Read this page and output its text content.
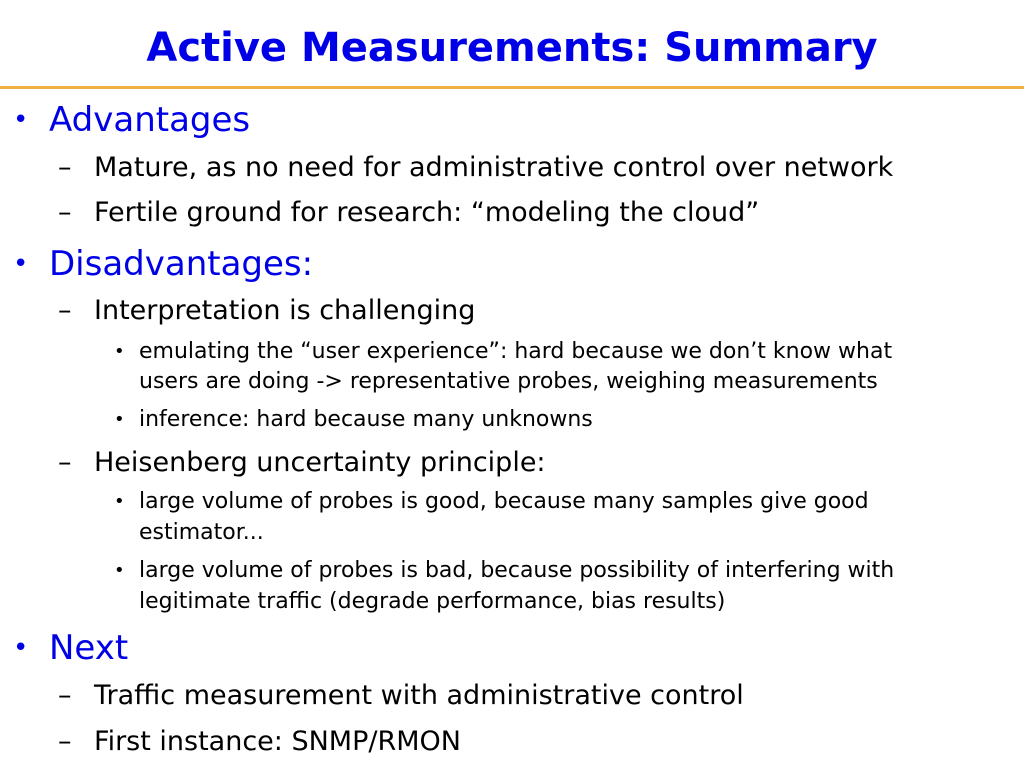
Active Measurements: Summary
• Advantages
– Mature, as no need for administrative control over network
– Fertile ground for research: “modeling the cloud”
• Disadvantages:
– Interpretation is challenging
• emulating the “user experience”: hard because we don’t know what
users are doing -> representative probes, weighing measurements
• inference: hard because many unknowns
– Heisenberg uncertainty principle:
• large volume of probes is good, because many samples give good
estimator...
• large volume of probes is bad, because possibility of interfering with
legitimate traffic (degrade performance, bias results)
• Next
– Traffic measurement with administrative control
– First instance: SNMP/RMON
